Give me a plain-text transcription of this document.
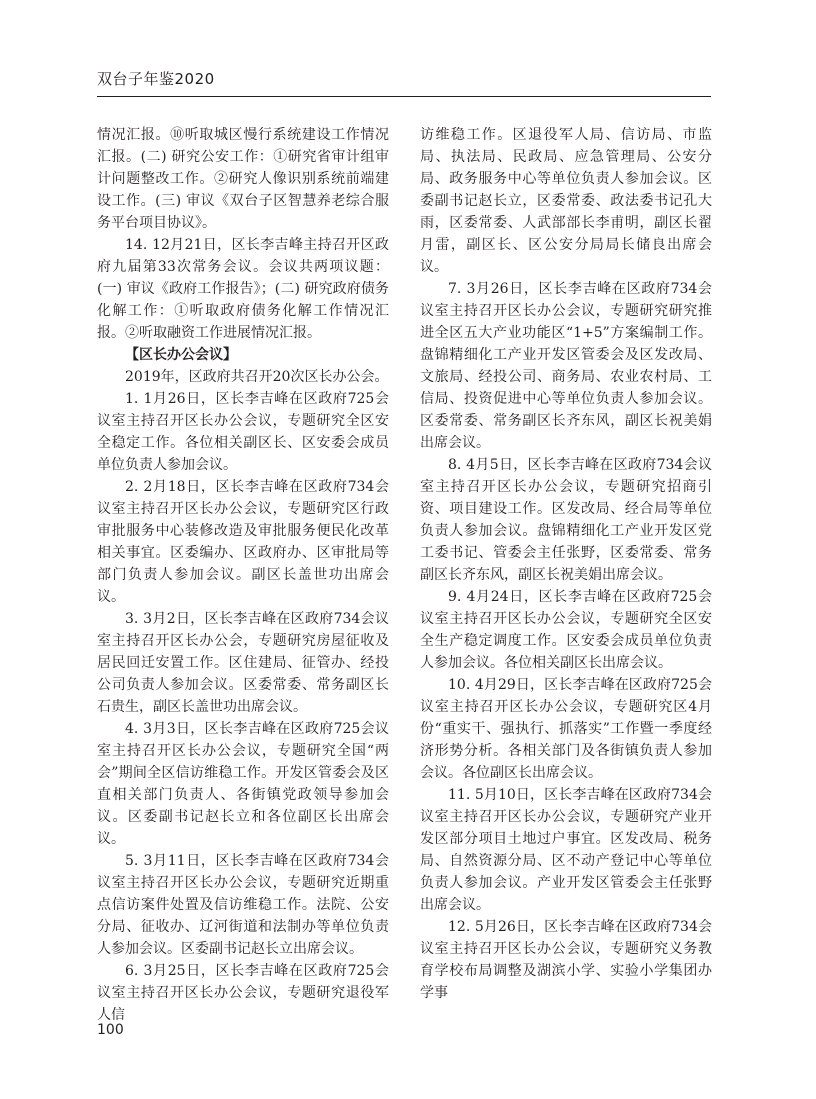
双台子年鉴2020

情况汇报。⑩听取城区慢行系统建设工作情况汇报。(二) 研究公安工作：①研究省审计组审计问题整改工作。②研究人像识别系统前端建设工作。(三) 审议《双台子区智慧养老综合服务平台项目协议》。

14. 12月21日，区长李吉峰主持召开区政府九届第33次常务会议。会议共两项议题：(一) 审议《政府工作报告》；(二) 研究政府债务化解工作：①听取政府债务化解工作情况汇报。②听取融资工作进展情况汇报。

【区长办公会议】

2019年，区政府共召开20次区长办公会。

1. 1月26日，区长李吉峰在区政府725会议室主持召开区长办公会议，专题研究全区安全稳定工作。各位相关副区长、区安委会成员单位负责人参加会议。

2. 2月18日，区长李吉峰在区政府734会议室主持召开区长办公会议，专题研究区行政审批服务中心装修改造及审批服务便民化改革相关事宜。区委编办、区政府办、区审批局等部门负责人参加会议。副区长盖世功出席会议。

3. 3月2日，区长李吉峰在区政府734会议室主持召开区长办公会，专题研究房屋征收及居民回迁安置工作。区住建局、征管办、经投公司负责人参加会议。区委常委、常务副区长石贵生，副区长盖世功出席会议。

4. 3月3日，区长李吉峰在区政府725会议室主持召开区长办公会议，专题研究全国“两会”期间全区信访维稳工作。开发区管委会及区直相关部门负责人、各街镇党政领导参加会议。区委副书记赵长立和各位副区长出席会议。

5. 3月11日，区长李吉峰在区政府734会议室主持召开区长办公会议，专题研究近期重点信访案件处置及信访维稳工作。法院、公安分局、征收办、辽河街道和法制办等单位负责人参加会议。区委副书记赵长立出席会议。

6. 3月25日，区长李吉峰在区政府725会议室主持召开区长办公会议，专题研究退役军人信

访维稳工作。区退役军人局、信访局、市监局、执法局、民政局、应急管理局、公安分局、政务服务中心等单位负责人参加会议。区委副书记赵长立，区委常委、政法委书记孔大雨，区委常委、人武部部长李甫明，副区长翟月雷，副区长、区公安分局局长储良出席会议。

7. 3月26日，区长李吉峰在区政府734会议室主持召开区长办公会议，专题研究研究推进全区五大产业功能区“1+5”方案编制工作。盘锦精细化工产业开发区管委会及区发改局、文旅局、经投公司、商务局、农业农村局、工信局、投资促进中心等单位负责人参加会议。区委常委、常务副区长齐东风，副区长祝美娟出席会议。

8. 4月5日，区长李吉峰在区政府734会议室主持召开区长办公会议，专题研究招商引资、项目建设工作。区发改局、经合局等单位负责人参加会议。盘锦精细化工产业开发区党工委书记、管委会主任张野，区委常委、常务副区长齐东风，副区长祝美娟出席会议。

9. 4月24日，区长李吉峰在区政府725会议室主持召开区长办公会议，专题研究全区安全生产稳定调度工作。区安委会成员单位负责人参加会议。各位相关副区长出席会议。

10. 4月29日，区长李吉峰在区政府725会议室主持召开区长办公会议，专题研究区4月份“重实干、强执行、抓落实”工作暨一季度经济形势分析。各相关部门及各街镇负责人参加会议。各位副区长出席会议。

11. 5月10日，区长李吉峰在区政府734会议室主持召开区长办公会议，专题研究产业开发区部分项目土地过户事宜。区发改局、税务局、自然资源分局、区不动产登记中心等单位负责人参加会议。产业开发区管委会主任张野出席会议。

12. 5月26日，区长李吉峰在区政府734会议室主持召开区长办公会议，专题研究义务教育学校布局调整及湖滨小学、实验小学集团办学事

100
